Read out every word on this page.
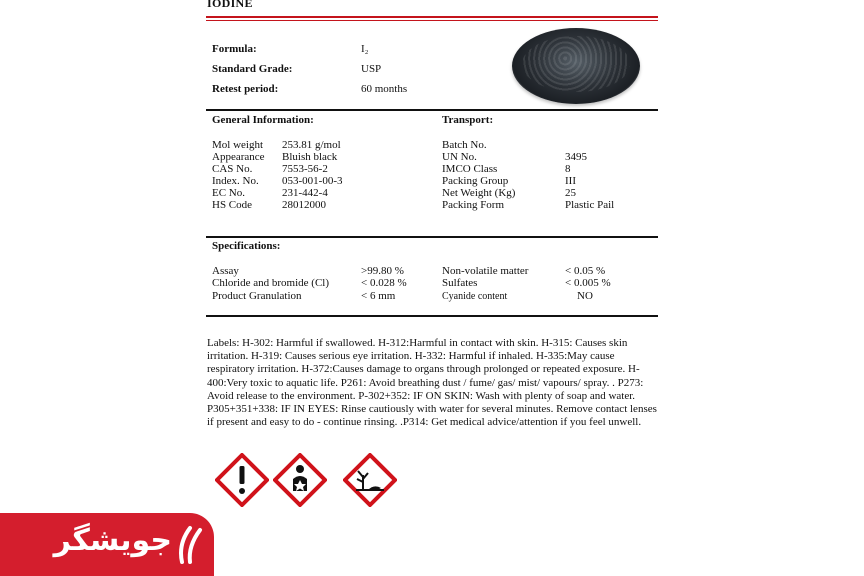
IODINE
Formula:	I₂
Standard Grade:	USP
Retest period:	60 months
General Information:	Transport:
Mol weight 253.81 g/mol
Appearance Bluish black
CAS No.	7553-56-2
Index. No. 053-001-00-3
EC No.	231-442-4
HS Code	28012000
Batch No.
UN No.	3495
IMCO Class	8
Packing Group	III
Net Weight (Kg)	25
Packing Form	Plastic Pail
Specifications:
Assay	>99.80 %
Chloride and bromide (Cl)	< 0.028 %
Product Granulation	< 6 mm
Non-volatile matter	< 0.05 %
Sulfates	< 0.005 %
Cyanide content	NO
Labels: H-302: Harmful if swallowed. H-312:Harmful in contact with skin. H-315: Causes skin irritation. H-319: Causes serious eye irritation. H-332: Harmful if inhaled. H-335:May cause respiratory irritation. H-372:Causes damage to organs through prolonged or repeated exposure. H-400:Very toxic to aquatic life. P261: Avoid breathing dust / fume/ gas/ mist/ vapours/ spray. . P273: Avoid release to the environment. P-302+352: IF ON SKIN: Wash with plenty of soap and water. P305+351+338: IF IN EYES: Rinse cautiously with water for several minutes. Remove contact lenses if present and easy to do - continue rinsing. .P314: Get medical advice/attention if you feel unwell.
جويشگر
